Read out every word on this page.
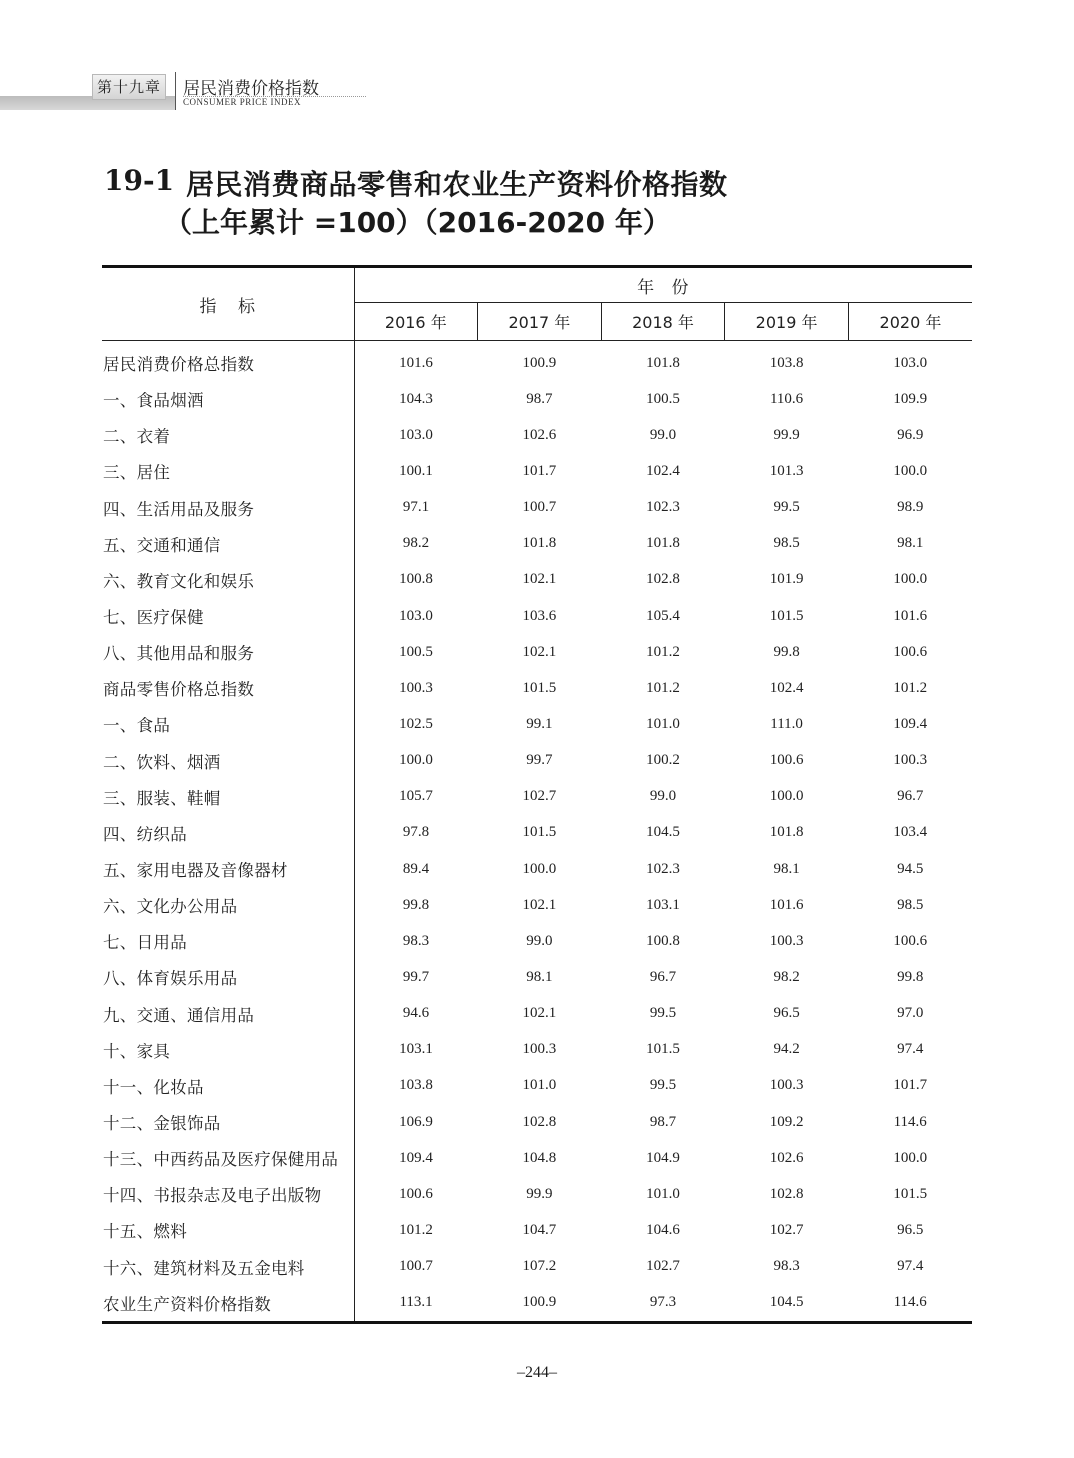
第十九章 居民消费价格指数
CONSUMER PRICE INDEX
19-1 居民消费商品零售和农业生产资料价格指数
（上年累计 =100）（2016-2020 年）
指 标	年 份				
	2016 年	2017 年	2018 年	2019 年	2020 年
居民消费价格总指数	101.6	100.9	101.8	103.8	103.0
一、食品烟酒	104.3	98.7	100.5	110.6	109.9
二、衣着	103.0	102.6	99.0	99.9	96.9
三、居住	100.1	101.7	102.4	101.3	100.0
四、生活用品及服务	97.1	100.7	102.3	99.5	98.9
五、交通和通信	98.2	101.8	101.8	98.5	98.1
六、教育文化和娱乐	100.8	102.1	102.8	101.9	100.0
七、医疗保健	103.0	103.6	105.4	101.5	101.6
八、其他用品和服务	100.5	102.1	101.2	99.8	100.6
商品零售价格总指数	100.3	101.5	101.2	102.4	101.2
一、食品	102.5	99.1	101.0	111.0	109.4
二、饮料、烟酒	100.0	99.7	100.2	100.6	100.3
三、服装、鞋帽	105.7	102.7	99.0	100.0	96.7
四、纺织品	97.8	101.5	104.5	101.8	103.4
五、家用电器及音像器材	89.4	100.0	102.3	98.1	94.5
六、文化办公用品	99.8	102.1	103.1	101.6	98.5
七、日用品	98.3	99.0	100.8	100.3	100.6
八、体育娱乐用品	99.7	98.1	96.7	98.2	99.8
九、交通、通信用品	94.6	102.1	99.5	96.5	97.0
十、家具	103.1	100.3	101.5	94.2	97.4
十一、化妆品	103.8	101.0	99.5	100.3	101.7
十二、金银饰品	106.9	102.8	98.7	109.2	114.6
十三、中西药品及医疗保健用品	109.4	104.8	104.9	102.6	100.0
十四、书报杂志及电子出版物	100.6	99.9	101.0	102.8	101.5
十五、燃料	101.2	104.7	104.6	102.7	96.5
十六、建筑材料及五金电料	100.7	107.2	102.7	98.3	97.4
农业生产资料价格指数	113.1	100.9	97.3	104.5	114.6
–244–
